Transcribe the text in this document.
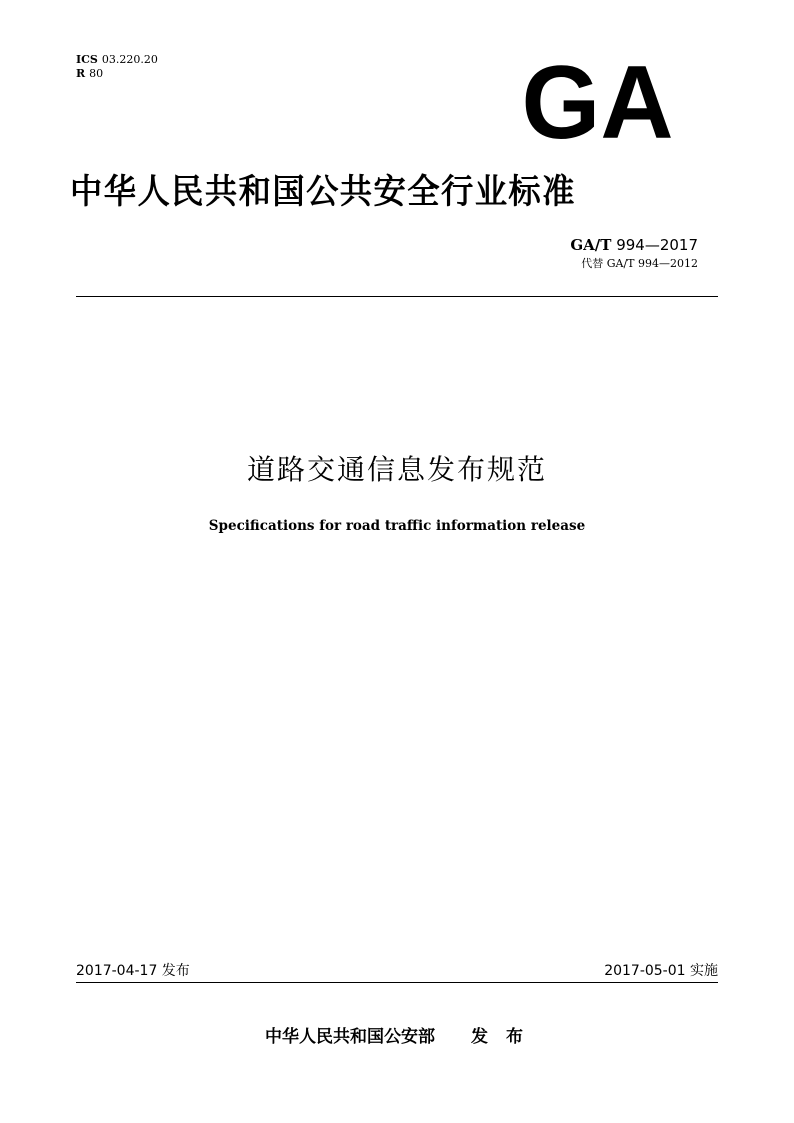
ICS 03.220.20
R 80	GA
中华人民共和国公共安全行业标准
GA/T 994—2017
代替 GA/T 994—2012
道路交通信息发布规范
Specifications for road traffic information release
2017-04-17 发布	2017-05-01 实施
中华人民共和国公安部 发 布
